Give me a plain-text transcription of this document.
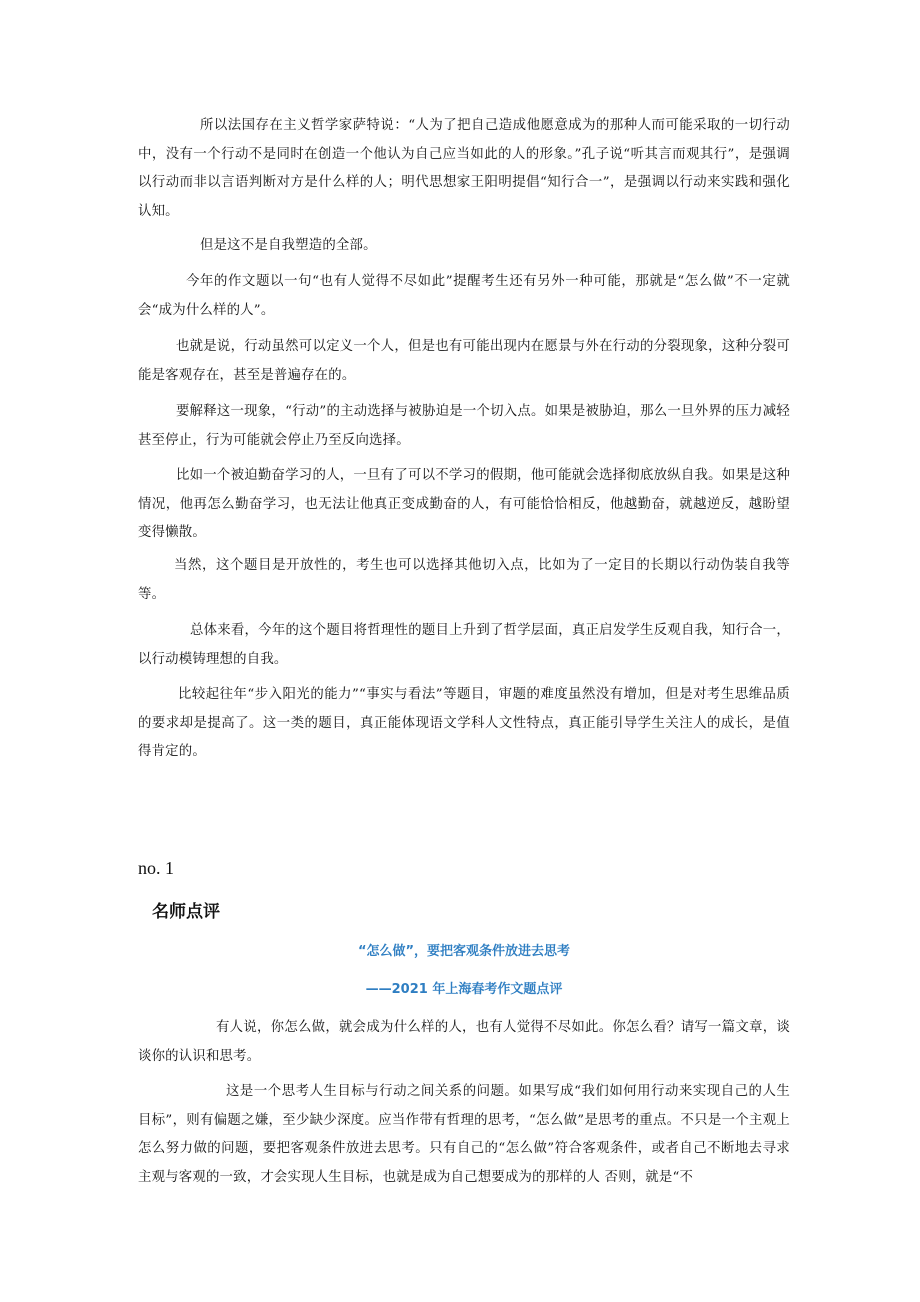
所以法国存在主义哲学家萨特说：“人为了把自己造成他愿意成为的那种人而可能采取的一切行动中，没有一个行动不是同时在创造一个他认为自己应当如此的人的形象。”孔子说“听其言而观其行”，是强调以行动而非以言语判断对方是什么样的人；明代思想家王阳明提倡“知行合一”，是强调以行动来实践和强化认知。

但是这不是自我塑造的全部。

今年的作文题以一句“也有人觉得不尽如此”提醒考生还有另外一种可能，那就是“怎么做”不一定就会“成为什么样的人”。

也就是说，行动虽然可以定义一个人，但是也有可能出现内在愿景与外在行动的分裂现象，这种分裂可能是客观存在，甚至是普遍存在的。

要解释这一现象，“行动”的主动选择与被胁迫是一个切入点。如果是被胁迫，那么一旦外界的压力减轻甚至停止，行为可能就会停止乃至反向选择。

比如一个被迫勤奋学习的人，一旦有了可以不学习的假期，他可能就会选择彻底放纵自我。如果是这种情况，他再怎么勤奋学习，也无法让他真正变成勤奋的人，有可能恰恰相反，他越勤奋，就越逆反，越盼望变得懒散。

当然，这个题目是开放性的，考生也可以选择其他切入点，比如为了一定目的长期以行动伪装自我等等。

总体来看，今年的这个题目将哲理性的题目上升到了哲学层面，真正启发学生反观自我，知行合一，以行动模铸理想的自我。

比较起往年“步入阳光的能力”“事实与看法”等题目，审题的难度虽然没有增加，但是对考生思维品质的要求却是提高了。这一类的题目，真正能体现语文学科人文性特点，真正能引导学生关注人的成长，是值得肯定的。

no. 1

名师点评

“怎么做”，要把客观条件放进去思考

——2021 年上海春考作文题点评

有人说，你怎么做，就会成为什么样的人，也有人觉得不尽如此。你怎么看？请写一篇文章，谈谈你的认识和思考。

这是一个思考人生目标与行动之间关系的问题。如果写成“我们如何用行动来实现自己的人生目标”，则有偏题之嫌，至少缺少深度。应当作带有哲理的思考，“怎么做”是思考的重点。不只是一个主观上怎么努力做的问题，要把客观条件放进去思考。只有自己的“怎么做”符合客观条件，或者自己不断地去寻求主观与客观的一致，才会实现人生目标，也就是成为自己想要成为的那样的人 否则，就是“不
